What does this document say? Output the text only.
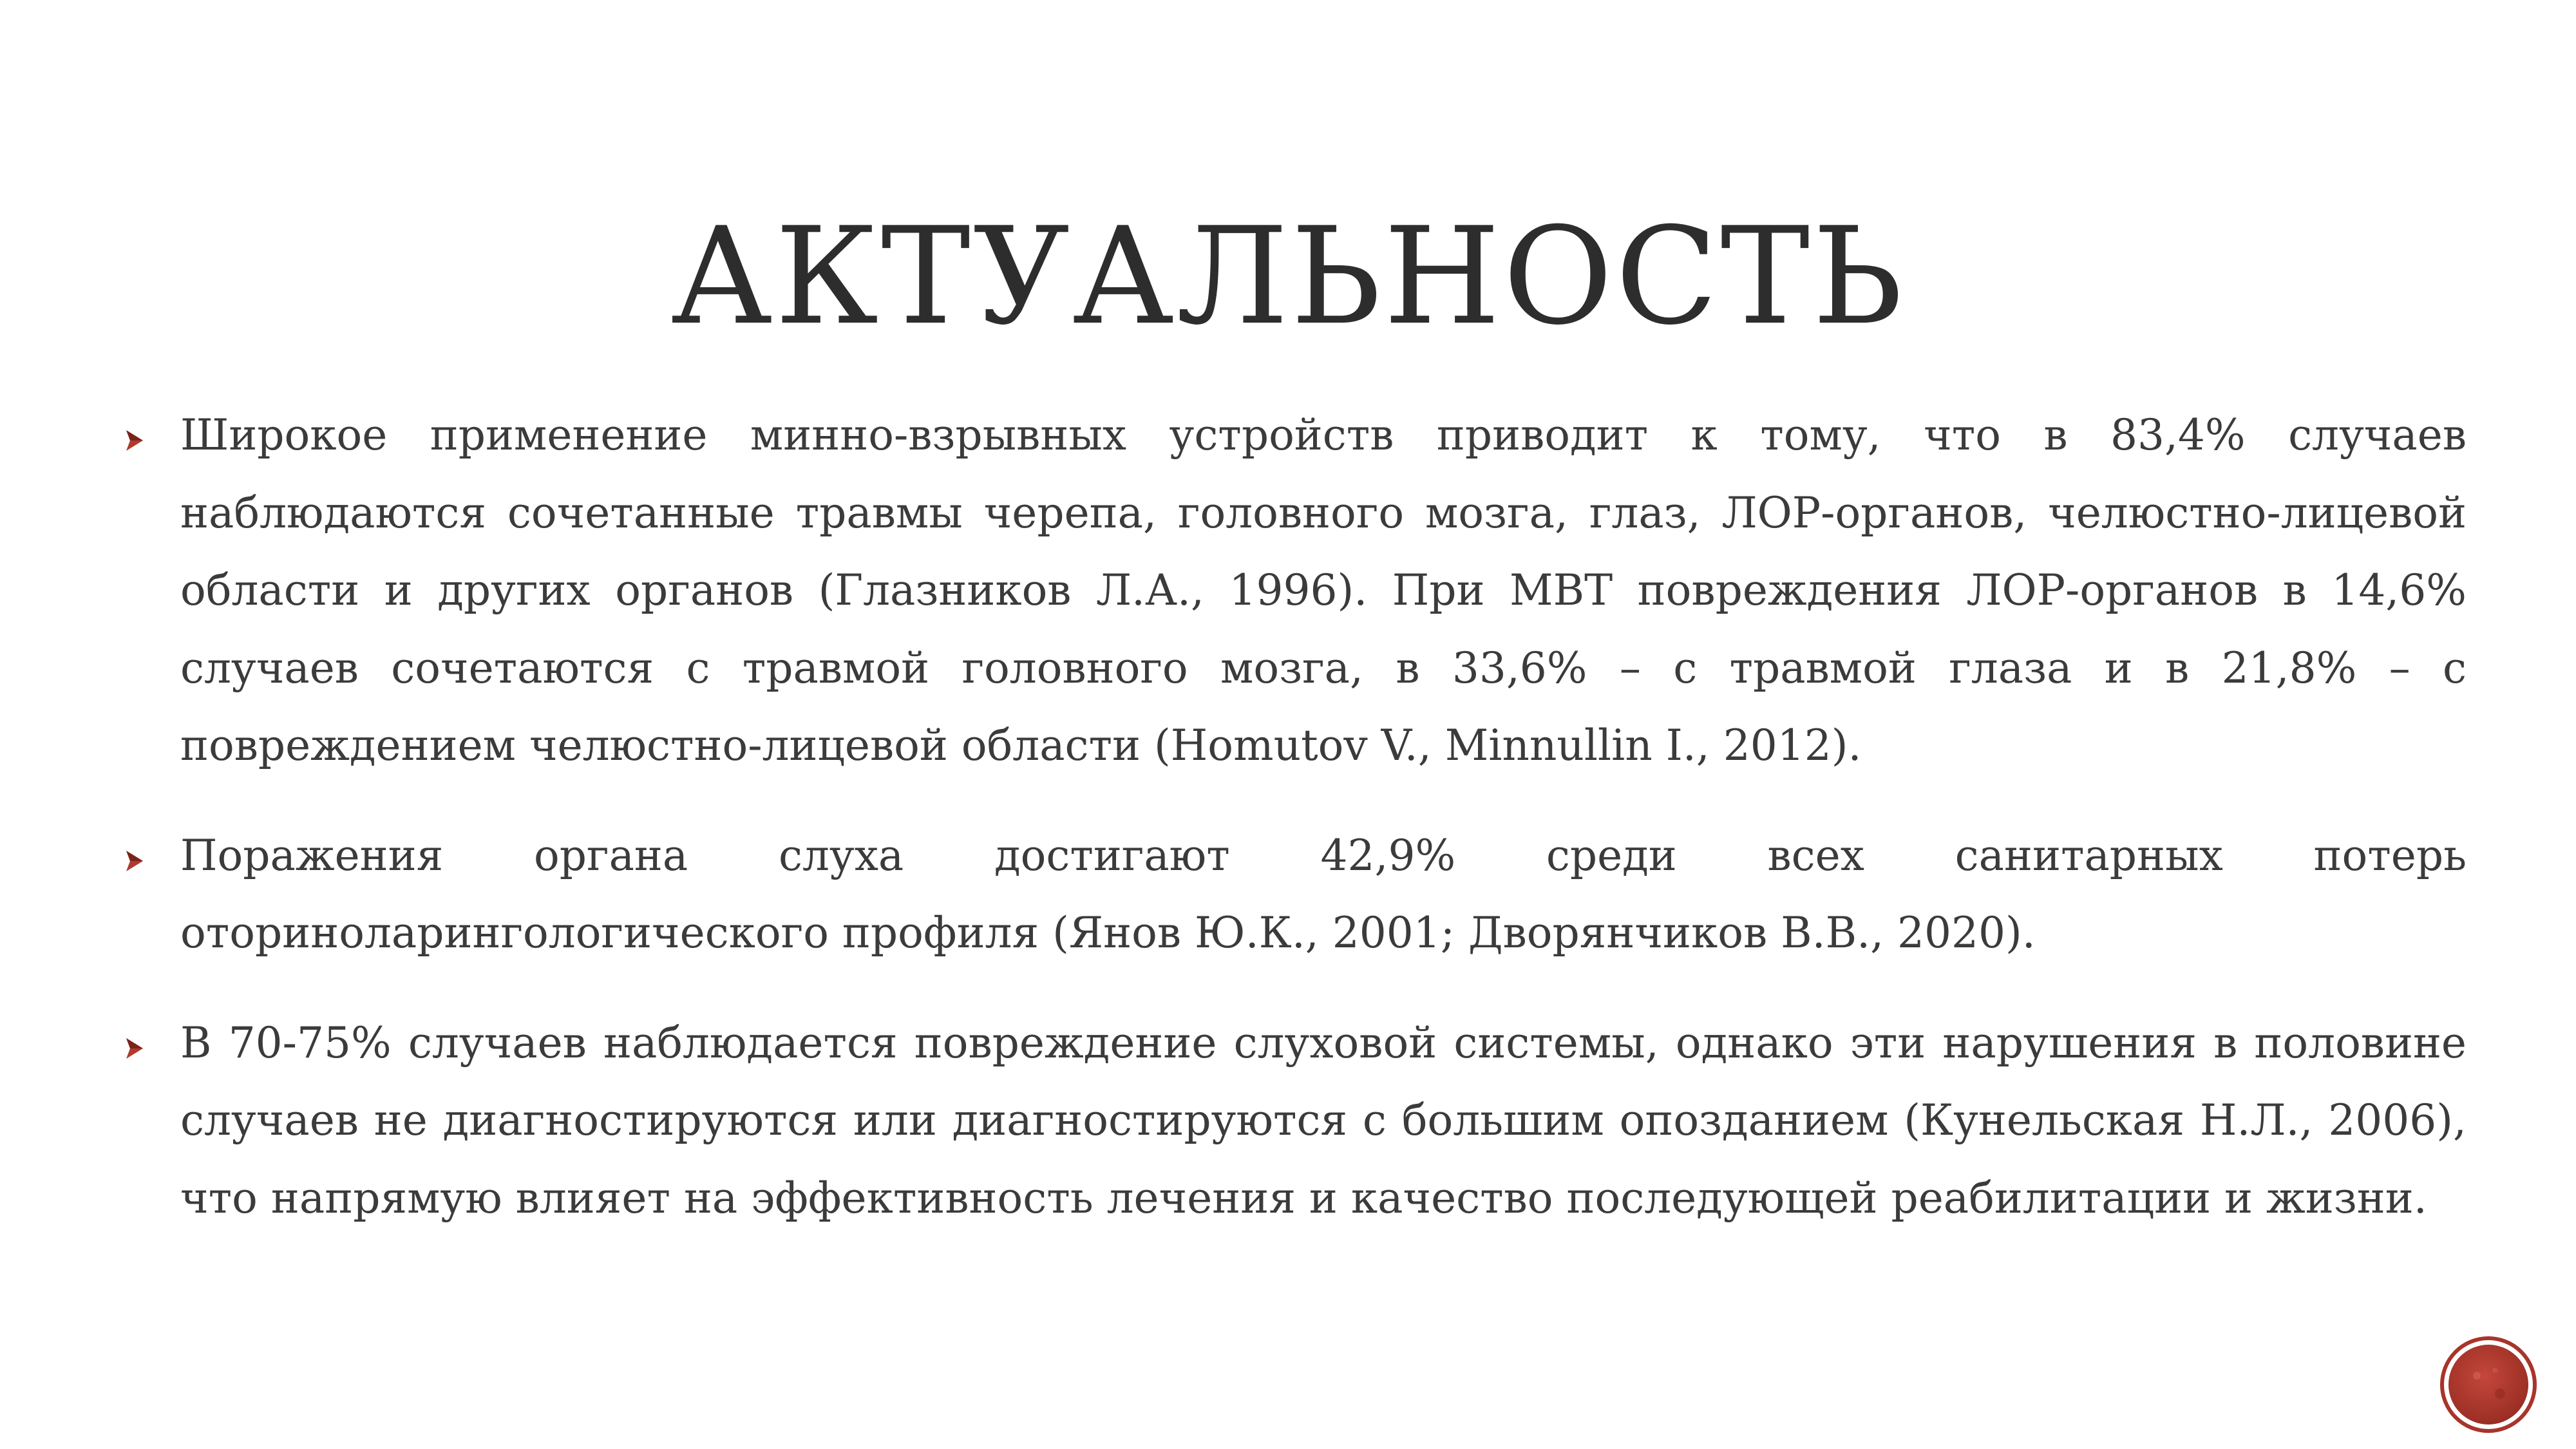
АКТУАЛЬНОСТЬ

Широкое применение минно-взрывных устройств приводит к тому, что в 83,4% случаев наблюдаются сочетанные травмы черепа, головного мозга, глаз, ЛОР-органов, челюстно-лицевой области и других органов (Глазников Л.А., 1996). При МВТ повреждения ЛОР-органов в 14,6% случаев сочетаются с травмой головного мозга, в 33,6% – с травмой глаза и в 21,8% – с повреждением челюстно-лицевой области (Homutov V., Minnullin I., 2012).

Поражения органа слуха достигают 42,9% среди всех санитарных потерь оториноларингологического профиля (Янов Ю.К., 2001; Дворянчиков В.В., 2020).

В 70-75% случаев наблюдается повреждение слуховой системы, однако эти нарушения в половине случаев не диагностируются или диагностируются с большим опозданием (Кунельская Н.Л., 2006), что напрямую влияет на эффективность лечения и качество последующей реабилитации и жизни.
